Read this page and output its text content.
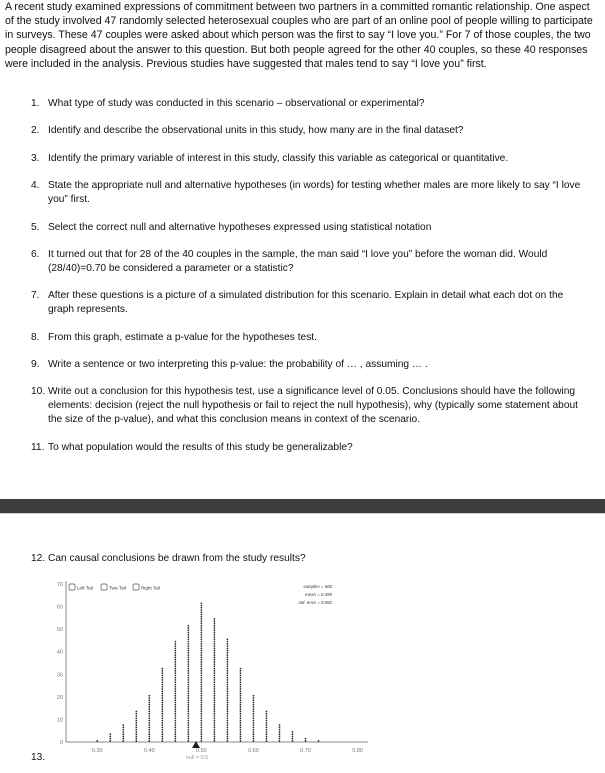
A recent study examined expressions of commitment between two partners in a committed romantic relationship. One aspect of the study involved 47 randomly selected heterosexual couples who are part of an online pool of people willing to participate in surveys. These 47 couples were asked about which person was the first to say “I love you.” For 7 of those couples, the two people disagreed about the answer to this question. But both people agreed for the other 40 couples, so these 40 responses were included in the analysis. Previous studies have suggested that males tend to say “I love you” first.
1. What type of study was conducted in this scenario – observational or experimental?
2. Identify and describe the observational units in this study, how many are in the final dataset?
3. Identify the primary variable of interest in this study, classify this variable as categorical or quantitative.
4. State the appropriate null and alternative hypotheses (in words) for testing whether males are more likely to say “I love you” first.
5. Select the correct null and alternative hypotheses expressed using statistical notation
6. It turned out that for 28 of the 40 couples in the sample, the man said “I love you” before the woman did. Would (28/40)=0.70 be considered a parameter or a statistic?
7. After these questions is a picture of a simulated distribution for this scenario. Explain in detail what each dot on the graph represents.
8. From this graph, estimate a p-value for the hypotheses test.
9. Write a sentence or two interpreting this p-value: the probability of … , assuming … .
10. Write out a conclusion for this hypothesis test, use a significance level of 0.05. Conclusions should have the following elements: decision (reject the null hypothesis or fail to reject the null hypothesis), why (typically some statement about the size of the p-value), and what this conclusion means in context of the scenario.
11. To what population would the results of this study be generalizable?
12. Can causal conclusions be drawn from the study results?
0
10
20
30
40
50
60
70
0.30	0.40	0.50	0.60	0.70	0.80
Left Tail	Two-Tail	Right Tail	samples = 500
mean = 0.495
std. error = 0.082
null = 0.5
13.
